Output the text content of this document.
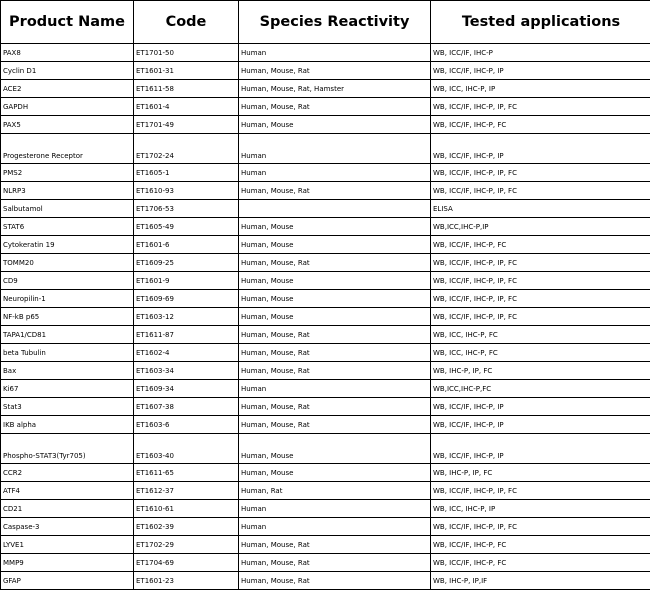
Product Name	Code	Species Reactivity	Tested applications
PAX8	ET1701-50	Human	WB, ICC/IF, IHC-P
Cyclin D1	ET1601-31	Human, Mouse, Rat	WB, ICC/IF, IHC-P, IP
ACE2	ET1611-58	Human, Mouse, Rat, Hamster	WB, ICC, IHC-P, IP
GAPDH	ET1601-4	Human, Mouse, Rat	WB, ICC/IF, IHC-P, IP, FC
PAX5	ET1701-49	Human, Mouse	WB, ICC/IF, IHC-P, FC
Progesterone Receptor	ET1702-24	Human	WB, ICC/IF, IHC-P, IP
PMS2	ET1605-1	Human	WB, ICC/IF, IHC-P, IP, FC
NLRP3	ET1610-93	Human, Mouse, Rat	WB, ICC/IF, IHC-P, IP, FC
Salbutamol	ET1706-53		ELISA
STAT6	ET1605-49	Human, Mouse	WB,ICC,IHC-P,IP
Cytokeratin 19	ET1601-6	Human, Mouse	WB, ICC/IF, IHC-P, FC
TOMM20	ET1609-25	Human, Mouse, Rat	WB, ICC/IF, IHC-P, IP, FC
CD9	ET1601-9	Human, Mouse	WB, ICC/IF, IHC-P, IP, FC
Neuropilin-1	ET1609-69	Human, Mouse	WB, ICC/IF, IHC-P, IP, FC
NF-kB p65	ET1603-12	Human, Mouse	WB, ICC/IF, IHC-P, IP, FC
TAPA1/CD81	ET1611-87	Human, Mouse, Rat	WB, ICC, IHC-P, FC
beta Tubulin	ET1602-4	Human, Mouse, Rat	WB, ICC, IHC-P, FC
Bax	ET1603-34	Human, Mouse, Rat	WB, IHC-P, IP, FC
Ki67	ET1609-34	Human	WB,ICC,IHC-P,FC
Stat3	ET1607-38	Human, Mouse, Rat	WB, ICC/IF, IHC-P, IP
IKB alpha	ET1603-6	Human, Mouse, Rat	WB, ICC/IF, IHC-P, IP
Phospho-STAT3(Tyr705)	ET1603-40	Human, Mouse	WB, ICC/IF, IHC-P, IP
CCR2	ET1611-65	Human, Mouse	WB, IHC-P, IP, FC
ATF4	ET1612-37	Human, Rat	WB, ICC/IF, IHC-P, IP, FC
CD21	ET1610-61	Human	WB, ICC, IHC-P, IP
Caspase-3	ET1602-39	Human	WB, ICC/IF, IHC-P, IP, FC
LYVE1	ET1702-29	Human, Mouse, Rat	WB, ICC/IF, IHC-P, FC
MMP9	ET1704-69	Human, Mouse, Rat	WB, ICC/IF, IHC-P, FC
GFAP	ET1601-23	Human, Mouse, Rat	WB, IHC-P, IP,IF
